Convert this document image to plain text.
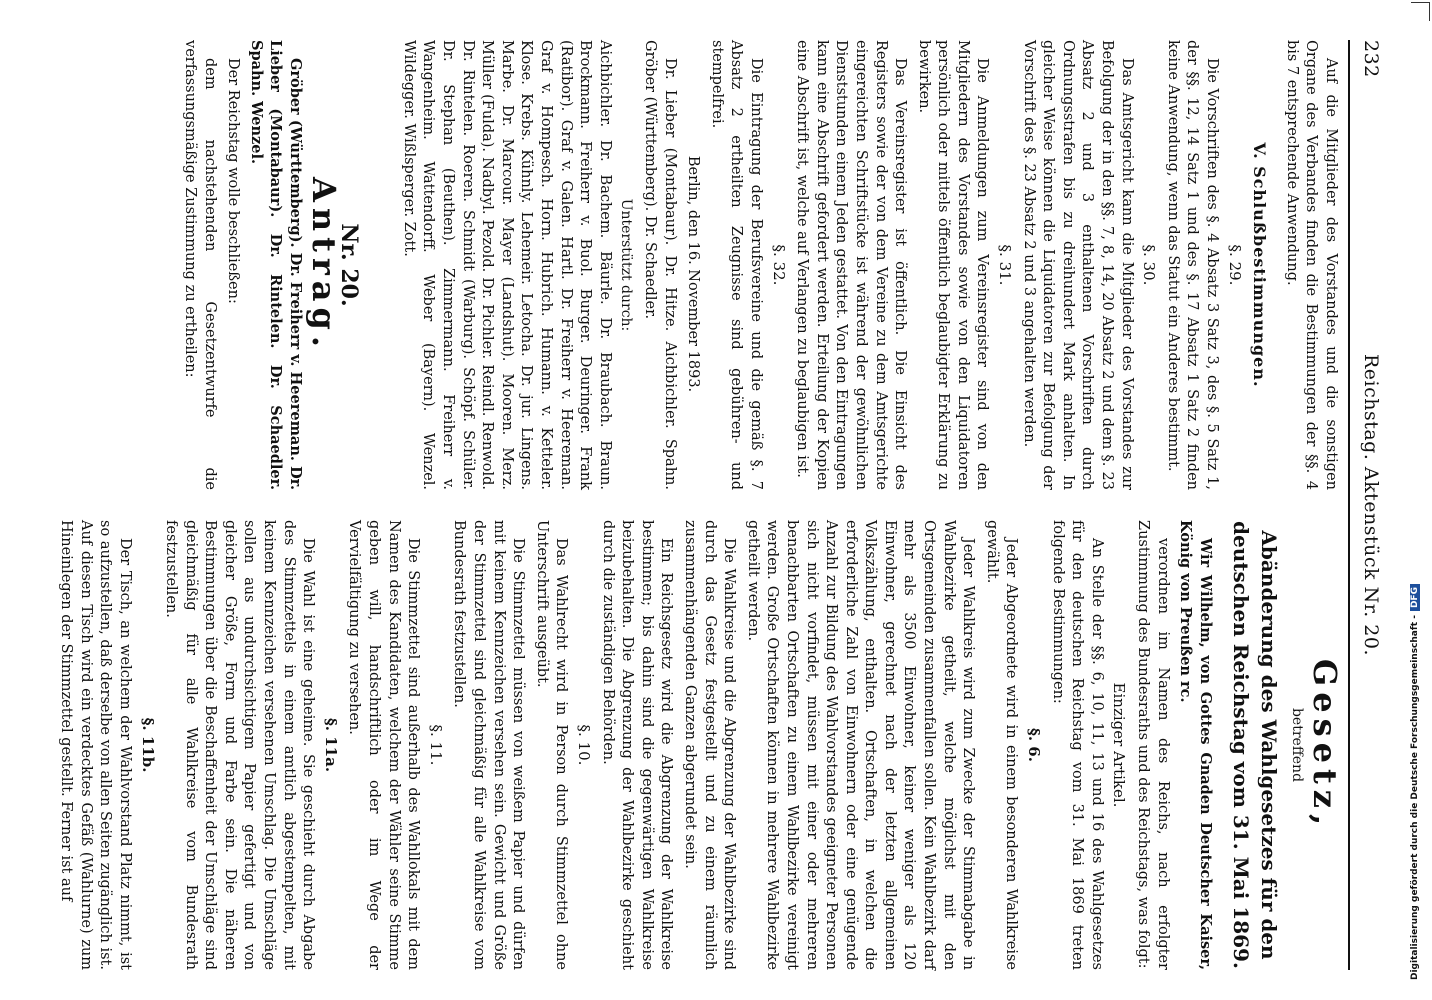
232
Reichstag. Aktenstück Nr. 20.

Auf die Mitglieder des Vorstandes und die sonstigen Organe des Verbandes finden die Bestimmungen der §§. 4 bis 7 entsprechende Anwendung.

V. Schlußbestimmungen.
§. 29.

Die Vorschriften des §. 4 Absatz 3 Satz 3, des §. 5 Satz 1, der §§. 12, 14 Satz 1 und des §. 17 Absatz 1 Satz 2 finden keine Anwendung, wenn das Statut ein Anderes bestimmt.

§. 30.

Das Amtsgericht kann die Mitglieder des Vorstandes zur Befolgung der in den §§. 7, 8, 14, 20 Absatz 2 und dem §. 23 Absatz 2 und 3 enthaltenen Vorschriften durch Ordnungsstrafen bis zu dreihundert Mark anhalten. In gleicher Weise können die Liquidatoren zur Befolgung der Vorschrift des §. 23 Absatz 2 und 3 angehalten werden.

§. 31.

Die Anmeldungen zum Vereinsregister sind von den Mitgliedern des Vorstandes sowie von den Liquidatoren persönlich oder mittels öffentlich beglaubigter Erklärung zu bewirken.

Das Vereinsregister ist öffentlich. Die Einsicht des Registers sowie der von dem Vereine zu dem Amtsgerichte eingereichten Schriftstücke ist während der gewöhnlichen Dienststunden einem Jeden gestattet. Von den Eintragungen kann eine Abschrift gefordert werden. Erteilung der Kopien eine Abschrift ist, welche auf Verlangen zu beglaubigen ist.

§. 32.

Die Eintragung der Berufsvereine und die gemäß §. 7 Absatz 2 ertheilten Zeugnisse sind gebühren- und stempelfrei.

Berlin, den 16. November 1893.

Dr. Lieber (Montabaur). Dr. Hitze. Aichbichler. Spahn. Gröber (Württemberg). Dr. Schaedler.

Unterstützt durch:

Aichbichler. Dr. Bachem. Bäurle. Dr. Braubach. Braun. Brockmann. Freiherr v. Buol. Burger. Deuringer. Frank (Ratibor). Graf v. Galen. Hartl. Dr. Freiherr v. Heereman. Graf v. Hompesch. Horn. Hubrich. Humann. v. Ketteler. Klose. Krebs. Kühnly. Lehemeir. Letocha. Dr. jur. Lingens. Marbe. Dr. Marcour. Mayer (Landshut). Mooren. Merz. Müller (Fulda). Nadbyl. Pezold. Dr. Pichler. Reindl. Renwold. Dr. Rintelen. Roeren. Schmidt (Warburg). Schöpf. Schüler. Dr. Stephan (Beuthen). Zimmermann. Freiherr v. Wangenheim. Wattendorff. Weber (Bayern). Wenzel. Wildegger. Wißlsperger. Zott.

Nr. 20.
Antrag.

Gröber (Württemberg). Dr. Freiherr v. Heereman. Dr. Lieber (Montabaur). Dr. Rintelen. Dr. Schaedler. Spahn. Wenzel.

Der Reichstag wolle beschließen:

dem nachstehenden Gesetzentwurfe die verfassungsmäßige Zustimmung zu ertheilen:

Gesetz,
betreffend
Abänderung des Wahlgesetzes für den deutschen Reichstag vom 31. Mai 1869.

Wir Wilhelm, von Gottes Gnaden Deutscher Kaiser, König von Preußen rc.

verordnen im Namen des Reichs, nach erfolgter Zustimmung des Bundesraths und des Reichstags, was folgt:

Einziger Artikel.

An Stelle der §§. 6, 10, 11, 13 und 16 des Wahlgesetzes für den deutschen Reichstag vom 31. Mai 1869 treten folgende Bestimmungen:

§. 6.

Jeder Abgeordnete wird in einem besonderen Wahlkreise gewählt.

Jeder Wahlkreis wird zum Zwecke der Stimmabgabe in Wahlbezirke getheilt, welche möglichst mit den Ortsgemeinden zusammenfallen sollen. Kein Wahlbezirk darf mehr als 3500 Einwohner, keiner weniger als 120 Einwohner, gerechnet nach der letzten allgemeinen Volkszählung, enthalten. Ortschaften, in welchen die erforderliche Zahl von Einwohnern oder eine genügende Anzahl zur Bildung des Wahlvorstandes geeigneter Personen sich nicht vorfindet, müssen mit einer oder mehreren benachbarten Ortschaften zu einem Wahlbezirke vereinigt werden. Große Ortschaften können in mehrere Wahlbezirke getheilt werden.

Die Wahlkreise und die Abgrenzung der Wahlbezirke sind durch das Gesetz festgestellt und zu einem räumlich zusammenhängenden Ganzen abgerundet sein.

Ein Reichsgesetz wird die Abgrenzung der Wahlkreise bestimmen; bis dahin sind die gegenwärtigen Wahlkreise beizubehalten. Die Abgrenzung der Wahlbezirke geschieht durch die zuständigen Behörden.

§. 10.

Das Wahlrecht wird in Person durch Stimmzettel ohne Unterschrift ausgeübt.

Die Stimmzettel müssen von weißem Papier und dürfen mit keinem Kennzeichen versehen sein. Gewicht und Größe der Stimmzettel sind gleichmäßig für alle Wahlkreise vom Bundesrath festzustellen.

§. 11.

Die Stimmzettel sind außerhalb des Wahllokals mit dem Namen des Kandidaten, welchem der Wähler seine Stimme geben will, handschriftlich oder im Wege der Vervielfältigung zu versehen.

§. 11a.

Die Wahl ist eine geheime. Sie geschieht durch Abgabe des Stimmzettels in einem amtlich abgestempelten, mit keinem Kennzeichen versehenen Umschlag. Die Umschläge sollen aus undurchsichtigem Papier gefertigt und von gleicher Größe, Form und Farbe sein. Die näheren Bestimmungen über die Beschaffenheit der Umschläge sind gleichmäßig für alle Wahlkreise vom Bundesrath festzustellen.

§. 11b.

Der Tisch, an welchem der Wahlvorstand Platz nimmt, ist so aufzustellen, daß derselbe von allen Seiten zugänglich ist. Auf diesen Tisch wird ein verdecktes Gefäß (Wahlurne) zum Hineinlegen der Stimmzettel gestellt. Ferner ist auf	Digitalisierung gefördert durch die Deutsche Forschungsgemeinschaft -DFG
